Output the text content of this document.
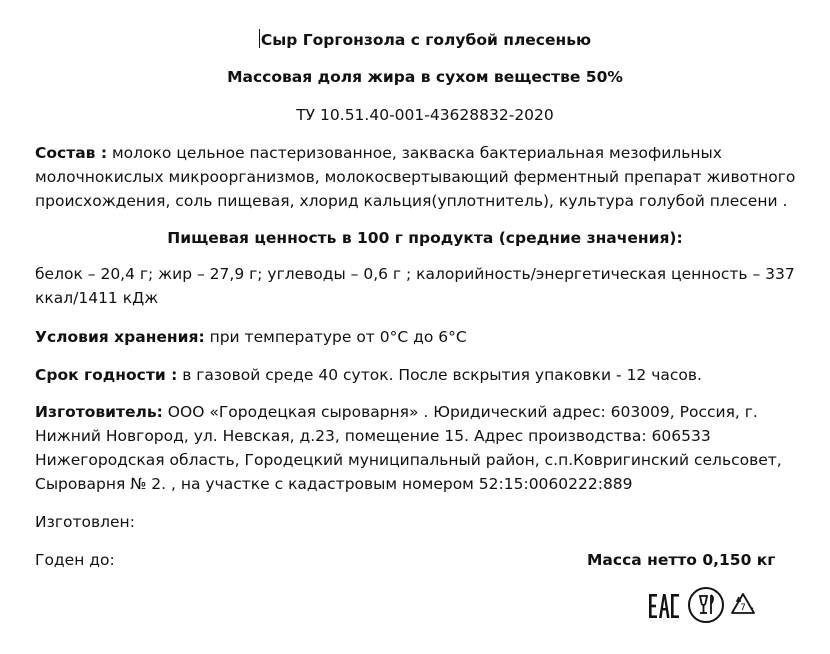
Сыр Горгонзола с голубой плесенью
Массовая доля жира в сухом веществе 50%
ТУ 10.51.40-001-43628832-2020
Состав : молоко цельное пастеризованное, закваска бактериальная мезофильных молочнокислых микроорганизмов, молокосвертывающий ферментный препарат животного происхождения, соль пищевая, хлорид кальция(уплотнитель), культура голубой плесени .
Пищевая ценность в 100 г продукта (средние значения):
белок – 20,4 г; жир – 27,9 г; углеводы – 0,6 г ; калорийность/энергетическая ценность – 337 ккал/1411 кДж
Условия хранения: при температуре от 0°С до 6°С
Срок годности : в газовой среде 40 суток. После вскрытия упаковки - 12 часов.
Изготовитель: ООО «Городецкая сыроварня» . Юридический адрес: 603009, Россия, г. Нижний Новгород, ул. Невская, д.23, помещение 15. Адрес производства: 606533 Нижегородская область, Городецкий муниципальный район, с.п.Ковригинский сельсовет, Сыроварня № 2. , на участке с кадастровым номером 52:15:0060222:889
Изготовлен:
Годен до:	Масса нетто 0,150 кг
7
